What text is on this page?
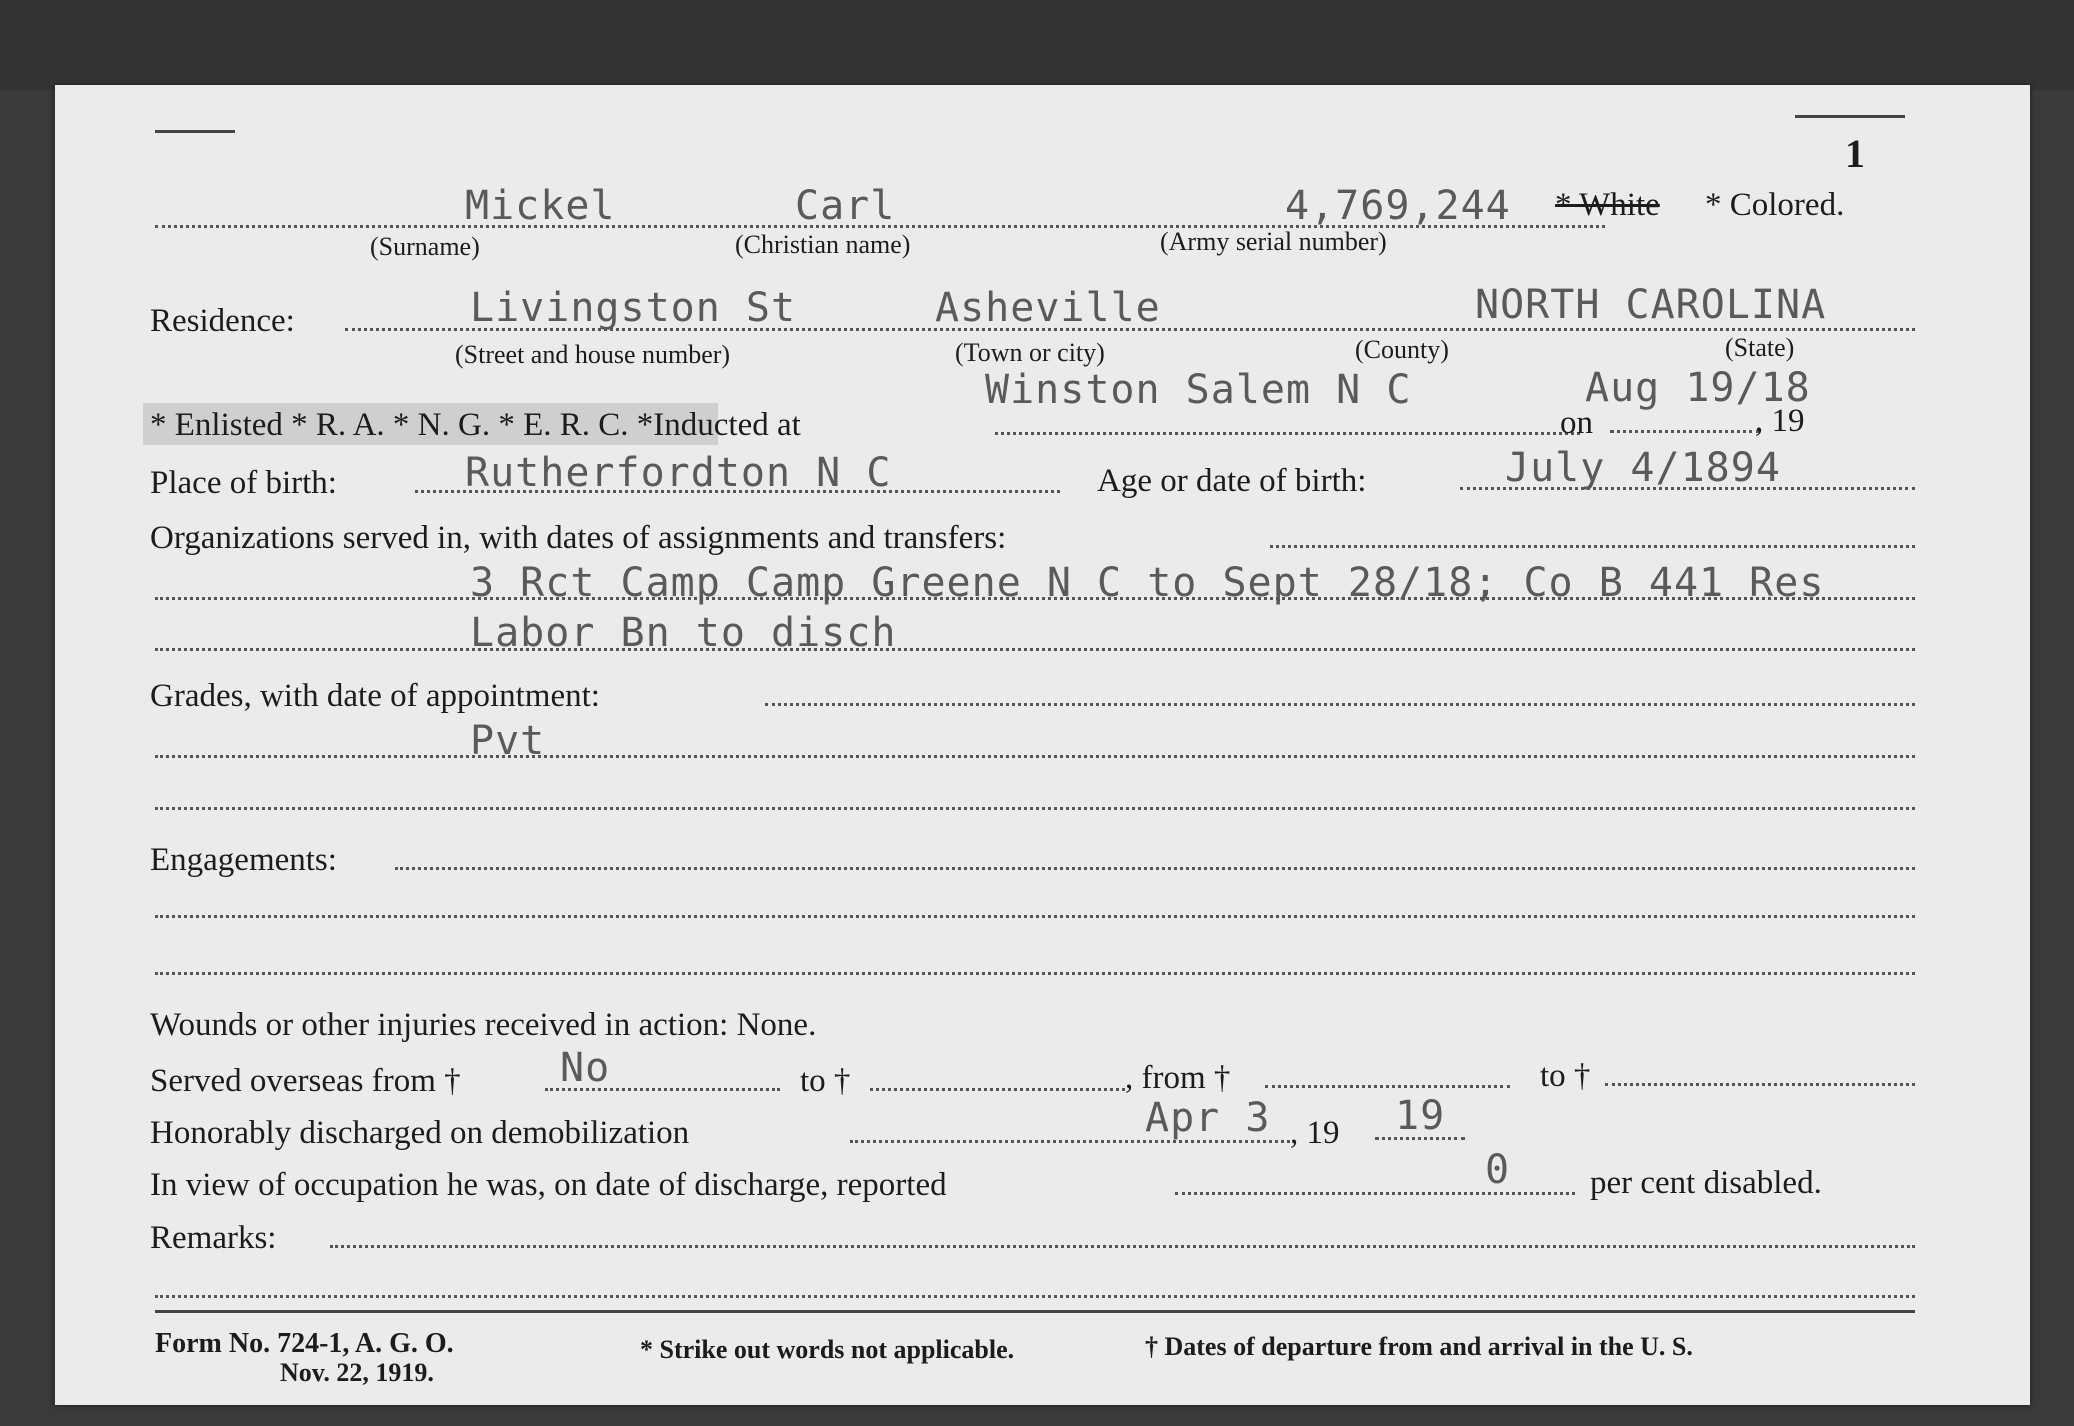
1
Mickel	Carl	4,769,244 * White * Colored.
(Surname)	(Christian name)	(Army serial number)
Residence:	Livingston St	Asheville	NORTH CAROLINA
(Street and house number)	(Town or city)	(County)	(State)
Winston Salem N C	Aug 19/18
* Enlisted * R. A. * N. G. * E. R. C. *Inducted at	on	, 19
Place of birth:	Rutherfordton N C	Age or date of birth:	July 4/1894
Organizations served in, with dates of assignments and transfers:
3 Rct Camp Camp Greene N C to Sept 28/18; Co B 441 Res
Labor Bn to disch
Grades, with date of appointment:
Pvt
Engagements:
Wounds or other injuries received in action: None.
Served overseas from † No	to †	, from †	to †
Honorably discharged on demobilization	Apr 3 , 19 19
In view of occupation he was, on date of discharge, reported	0 per cent disabled.
Remarks:
Form No. 724-1, A. G. O.
Nov. 22, 1919.
* Strike out words not applicable.	† Dates of departure from and arrival in the U. S.
